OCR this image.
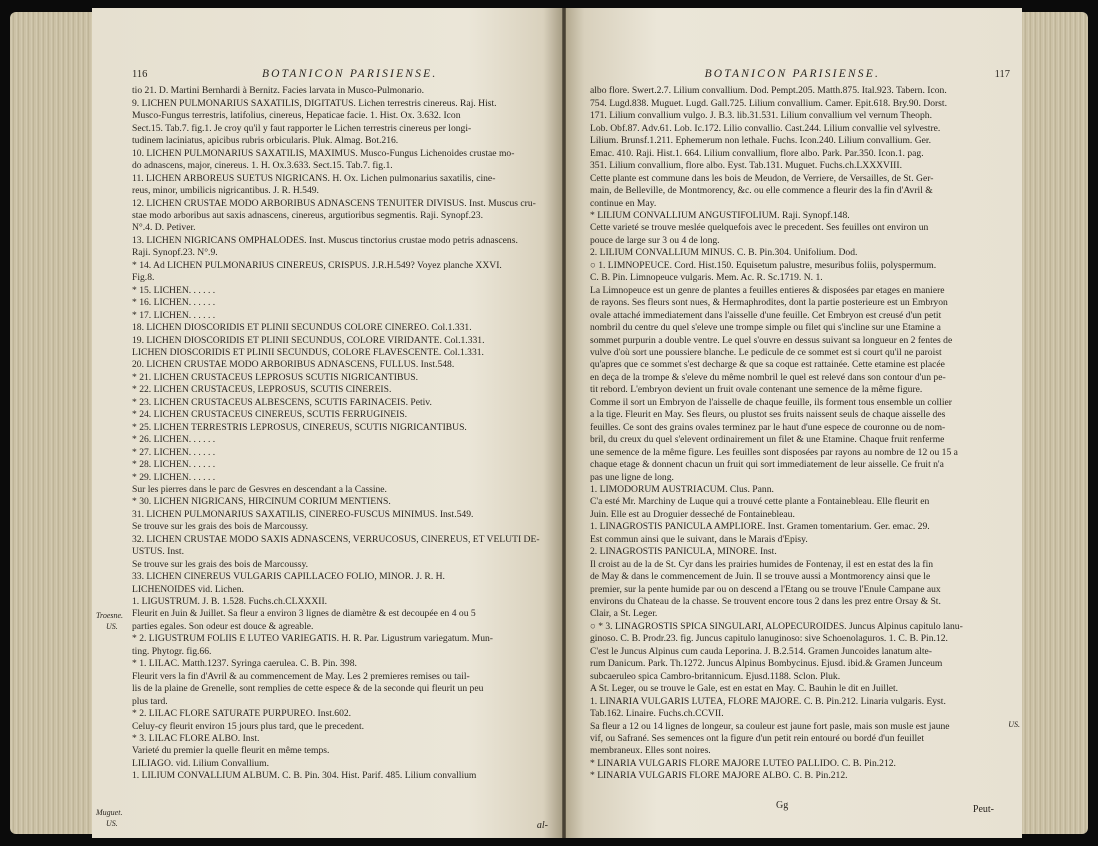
116	BOTANICON PARISIENSE.
tio 21. D. Martini Bernhardi à Bernitz. Facies larvata in Musco-Pulmonario.
9. LICHEN PULMONARIUS SAXATILIS, DIGITATUS. Lichen terrestris cinereus. Raj. Hist.
Musco-Fungus terrestris, latifolius, cinereus, Hepaticae facie. 1. Hist. Ox. 3.632. Icon
Sect.15. Tab.7. fig.1. Je croy qu'il y faut rapporter le Lichen terrestris cinereus per longi-
tudinem laciniatus, apicibus rubris orbicularis. Pluk. Almag. Bot.216.
10. LICHEN PULMONARIUS SAXATILIS, MAXIMUS. Musco-Fungus Lichenoides crustae mo-
do adnascens, major, cinereus. 1. H. Ox.3.633. Sect.15. Tab.7. fig.1.
11. LICHEN ARBOREUS SUETUS NIGRICANS. H. Ox. Lichen pulmonarius saxatilis, cine-
reus, minor, umbilicis nigricantibus. J. R. H.549.
12. LICHEN CRUSTAE MODO ARBORIBUS ADNASCENS TENUITER DIVISUS. Inst. Muscus cru-
stae modo arboribus aut saxis adnascens, cinereus, argutioribus segmentis. Raji. Synopf.23.
N°.4. D. Petiver.
13. LICHEN NIGRICANS OMPHALODES. Inst. Muscus tinctorius crustae modo petris adnascens.
Raji. Synopf.23. N°.9.
* 14. Ad LICHEN PULMONARIUS CINEREUS, CRISPUS. J.R.H.549? Voyez planche XXVI.
Fig.8.
* 15. LICHEN. . . . . .
* 16. LICHEN. . . . . .
* 17. LICHEN. . . . . .
18. LICHEN DIOSCORIDIS ET PLINII SECUNDUS COLORE CINEREO. Col.1.331.
19. LICHEN DIOSCORIDIS ET PLINII SECUNDUS, COLORE VIRIDANTE. Col.1.331.
LICHEN DIOSCORIDIS ET PLINII SECUNDUS, COLORE FLAVESCENTE. Col.1.331.
20. LICHEN CRUSTAE MODO ARBORIBUS ADNASCENS, FULLUS. Inst.548.
* 21. LICHEN CRUSTACEUS LEPROSUS SCUTIS NIGRICANTIBUS.
* 22. LICHEN CRUSTACEUS, LEPROSUS, SCUTIS CINEREIS.
* 23. LICHEN CRUSTACEUS ALBESCENS, SCUTIS FARINACEIS. Petiv.
* 24. LICHEN CRUSTACEUS CINEREUS, SCUTIS FERRUGINEIS.
* 25. LICHEN TERRESTRIS LEPROSUS, CINEREUS, SCUTIS NIGRICANTIBUS.
* 26. LICHEN. . . . . .
* 27. LICHEN. . . . . .
* 28. LICHEN. . . . . .
* 29. LICHEN. . . . . .
Sur les pierres dans le parc de Gesvres en descendant a la Cassine.
* 30. LICHEN NIGRICANS, HIRCINUM CORIUM MENTIENS.
31. LICHEN PULMONARIUS SAXATILIS, CINEREO-FUSCUS MINIMUS. Inst.549.
Se trouve sur les grais des bois de Marcoussy.
32. LICHEN CRUSTAE MODO SAXIS ADNASCENS, VERRUCOSUS, CINEREUS, ET VELUTI DE-
USTUS. Inst.
Se trouve sur les grais des bois de Marcoussy.
33. LICHEN CINEREUS VULGARIS CAPILLACEO FOLIO, MINOR. J. R. H.
LICHENOIDES vid. Lichen.
1. LIGUSTRUM. J. B. 1.528. Fuchs.ch.CLXXXII.
Fleurit en Juin & Juillet. Sa fleur a environ 3 lignes de diamètre & est decoupée en 4 ou 5
parties egales. Son odeur est douce & agreable.
* 2. LIGUSTRUM FOLIIS E LUTEO VARIEGATIS. H. R. Par. Ligustrum variegatum. Mun-
ting. Phytogr. fig.66.
* 1. LILAC. Matth.1237. Syringa caerulea. C. B. Pin. 398.
Fleurit vers la fin d'Avril & au commencement de May. Les 2 premieres remises ou tail-
lis de la plaine de Grenelle, sont remplies de cette espece & de la seconde qui fleurit un peu
plus tard.
* 2. LILAC FLORE SATURATE PURPUREO. Inst.602.
Celuy-cy fleurit environ 15 jours plus tard, que le precedent.
* 3. LILAC FLORE ALBO. Inst.
Varieté du premier la quelle fleurit en même temps.
LILIAGO. vid. Lilium Convallium.
1. LILIUM CONVALLIUM ALBUM. C. B. Pin. 304. Hist. Parif. 485. Lilium convallium
Troesne.
US.
Muguet.
US.	al-
BOTANICON PARISIENSE.	117
albo flore. Swert.2.7. Lilium convallium. Dod. Pempt.205. Matth.875. Ital.923. Tabern. Icon.
754. Lugd.838. Muguet. Lugd. Gall.725. Lilium convallium. Camer. Epit.618. Bry.90. Dorst.
171. Lilium convallium vulgo. J. B.3. lib.31.531. Lilium convallium vel vernum Theoph.
Lob. Obf.87. Adv.61. Lob. Ic.172. Lilio convallio. Cast.244. Lilium convallie vel sylvestre.
Lilium. Brunsf.1.211. Ephemerum non lethale. Fuchs. Icon.240. Lilium convallium. Ger.
Emac. 410. Raji. Hist.1. 664. Lilium convallium, flore albo. Park. Par.350. Icon.1. pag.
351. Lilium convallium, flore albo. Eyst. Tab.131. Muguet. Fuchs.ch.LXXXVIII.
Cette plante est commune dans les bois de Meudon, de Verriere, de Versailles, de St. Ger-
main, de Belleville, de Montmorency, &c. ou elle commence a fleurir des la fin d'Avril &
continue en May.
* LILIUM CONVALLIUM ANGUSTIFOLIUM. Raji. Synopf.148.
Cette varieté se trouve meslée quelquefois avec le precedent. Ses feuilles ont environ un
pouce de large sur 3 ou 4 de long.
2. LILIUM CONVALLIUM MINUS. C. B. Pin.304. Unifolium. Dod.
○ 1. LIMNOPEUCE. Cord. Hist.150. Equisetum palustre, mesuribus foliis, polyspermum.
C. B. Pin. Limnopeuce vulgaris. Mem. Ac. R. Sc.1719. N. 1.
La Limnopeuce est un genre de plantes a feuilles entieres & disposées par etages en maniere
de rayons. Ses fleurs sont nues, & Hermaphrodites, dont la partie posterieure est un Embryon
ovale attaché immediatement dans l'aisselle d'une feuille. Cet Embryon est creusé d'un petit
nombril du centre du quel s'eleve une trompe simple ou filet qui s'incline sur une Etamine a
sommet purpurin a double ventre. Le quel s'ouvre en dessus suivant sa longueur en 2 fentes de
vulve d'où sort une poussiere blanche. Le pedicule de ce sommet est si court qu'il ne paroist
qu'apres que ce sommet s'est decharge & que sa coque est rattainée. Cette etamine est placée
en deça de la trompe & s'eleve du même nombril le quel est relevé dans son contour d'un pe-
tit rebord. L'embryon devient un fruit ovale contenant une semence de la même figure.
Comme il sort un Embryon de l'aisselle de chaque feuille, ils forment tous ensemble un collier
a la tige. Fleurit en May. Ses fleurs, ou plustot ses fruits naissent seuls de chaque aisselle des
feuilles. Ce sont des grains ovales terminez par le haut d'une espece de couronne ou de nom-
bril, du creux du quel s'elevent ordinairement un filet & une Etamine. Chaque fruit renferme
une semence de la même figure. Les feuilles sont disposées par rayons au nombre de 12 ou 15 a
chaque etage & donnent chacun un fruit qui sort immediatement de leur aisselle. Ce fruit n'a
pas une ligne de long.
1. LIMODORUM AUSTRIACUM. Clus. Pann.
C'a esté Mr. Marchiny de Luque qui a trouvé cette plante a Fontainebleau. Elle fleurit en
Juin. Elle est au Droguier desseché de Fontainebleau.
1. LINAGROSTIS PANICULA AMPLIORE. Inst. Gramen tomentarium. Ger. emac. 29.
Est commun ainsi que le suivant, dans le Marais d'Episy.
2. LINAGROSTIS PANICULA, MINORE. Inst.
Il croist au de la de St. Cyr dans les prairies humides de Fontenay, il est en estat des la fin
de May & dans le commencement de Juin. Il se trouve aussi a Montmorency ainsi que le
premier, sur la pente humide par ou on descend a l'Etang ou se trouve l'Enule Campane aux
environs du Chateau de la chasse. Se trouvent encore tous 2 dans les prez entre Orsay & St.
Clair, a St. Leger.
○ * 3. LINAGROSTIS SPICA SINGULARI, ALOPECUROIDES. Juncus Alpinus capitulo lanu-
ginoso. C. B. Prodr.23. fig. Juncus capitulo lanuginoso: sive Schoenolaguros. 1. C. B. Pin.12.
C'est le Juncus Alpinus cum cauda Leporina. J. B.2.514. Gramen Juncoides lanatum alte-
rum Danicum. Park. Th.1272. Juncus Alpinus Bombycinus. Ejusd. ibid.& Gramen Junceum
subcaeruleo spica Cambro-britannicum. Ejusd.1188. Sclon. Pluk.
A St. Leger, ou se trouve le Gale, est en estat en May. C. Bauhin le dit en Juillet.
1. LINARIA VULGARIS LUTEA, FLORE MAJORE. C. B. Pin.212. Linaria vulgaris. Eyst.
Tab.162. Linaire. Fuchs.ch.CCVII.
Sa fleur a 12 ou 14 lignes de longeur, sa couleur est jaune fort pasle, mais son musle est jaune
vif, ou Safrané. Ses semences ont la figure d'un petit rein entouré ou bordé d'un feuillet
membraneux. Elles sont noires.
* LINARIA VULGARIS FLORE MAJORE LUTEO PALLIDO. C. B. Pin.212.
* LINARIA VULGARIS FLORE MAJORE ALBO. C. B. Pin.212.
US.
Gg	Peut-
